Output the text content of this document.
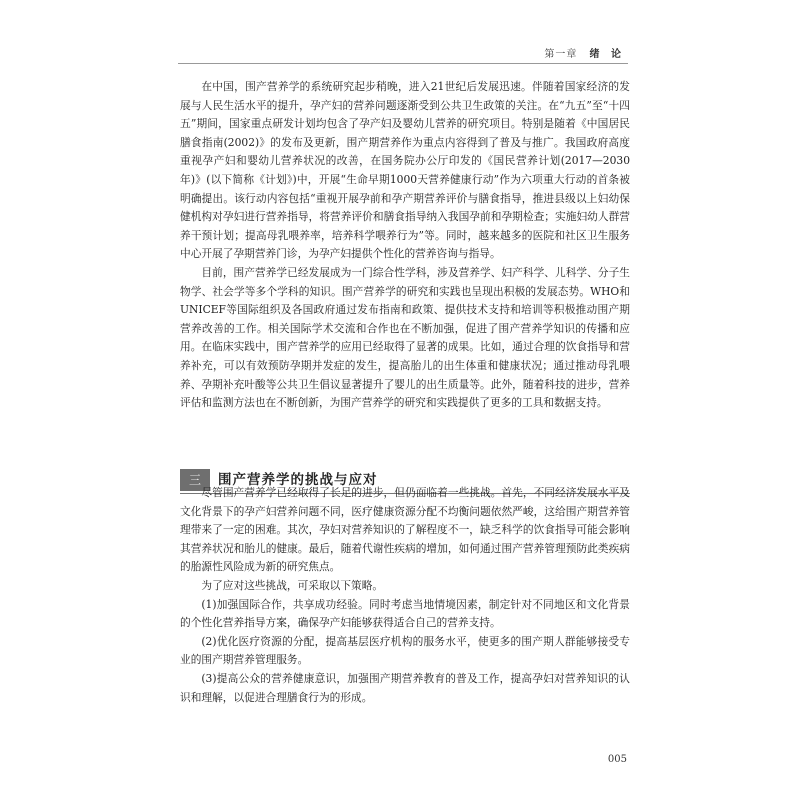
第一章 绪 论

在中国，围产营养学的系统研究起步稍晚，进入21世纪后发展迅速。伴随着国家经济的发展与人民生活水平的提升，孕产妇的营养问题逐渐受到公共卫生政策的关注。在“九五”至“十四五”期间，国家重点研发计划均包含了孕产妇及婴幼儿营养的研究项目。特别是随着《中国居民膳食指南(2002)》的发布及更新，围产期营养作为重点内容得到了普及与推广。我国政府高度重视孕产妇和婴幼儿营养状况的改善，在国务院办公厅印发的《国民营养计划(2017—2030年)》(以下简称《计划》)中，开展“生命早期1000天营养健康行动”作为六项重大行动的首条被明确提出。该行动内容包括“重视开展孕前和孕产期营养评价与膳食指导，推进县级以上妇幼保健机构对孕妇进行营养指导，将营养评价和膳食指导纳入我国孕前和孕期检查；实施妇幼人群营养干预计划；提高母乳喂养率，培养科学喂养行为”等。同时，越来越多的医院和社区卫生服务中心开展了孕期营养门诊，为孕产妇提供个性化的营养咨询与指导。

目前，围产营养学已经发展成为一门综合性学科，涉及营养学、妇产科学、儿科学、分子生物学、社会学等多个学科的知识。围产营养学的研究和实践也呈现出积极的发展态势。WHO和UNICEF等国际组织及各国政府通过发布指南和政策、提供技术支持和培训等积极推动围产期营养改善的工作。相关国际学术交流和合作也在不断加强，促进了围产营养学知识的传播和应用。在临床实践中，围产营养学的应用已经取得了显著的成果。比如，通过合理的饮食指导和营养补充，可以有效预防孕期并发症的发生，提高胎儿的出生体重和健康状况；通过推动母乳喂养、孕期补充叶酸等公共卫生倡议显著提升了婴儿的出生质量等。此外，随着科技的进步，营养评估和监测方法也在不断创新，为围产营养学的研究和实践提供了更多的工具和数据支持。

三	围产营养学的挑战与应对

尽管围产营养学已经取得了长足的进步，但仍面临着一些挑战。首先，不同经济发展水平及文化背景下的孕产妇营养问题不同，医疗健康资源分配不均衡问题依然严峻，这给围产期营养管理带来了一定的困难。其次，孕妇对营养知识的了解程度不一，缺乏科学的饮食指导可能会影响其营养状况和胎儿的健康。最后，随着代谢性疾病的增加，如何通过围产营养管理预防此类疾病的胎源性风险成为新的研究焦点。

为了应对这些挑战，可采取以下策略。

(1)加强国际合作，共享成功经验。同时考虑当地情境因素，制定针对不同地区和文化背景的个性化营养指导方案，确保孕产妇能够获得适合自己的营养支持。

(2)优化医疗资源的分配，提高基层医疗机构的服务水平，使更多的围产期人群能够接受专业的围产期营养管理服务。

(3)提高公众的营养健康意识，加强围产期营养教育的普及工作，提高孕妇对营养知识的认识和理解，以促进合理膳食行为的形成。

005
